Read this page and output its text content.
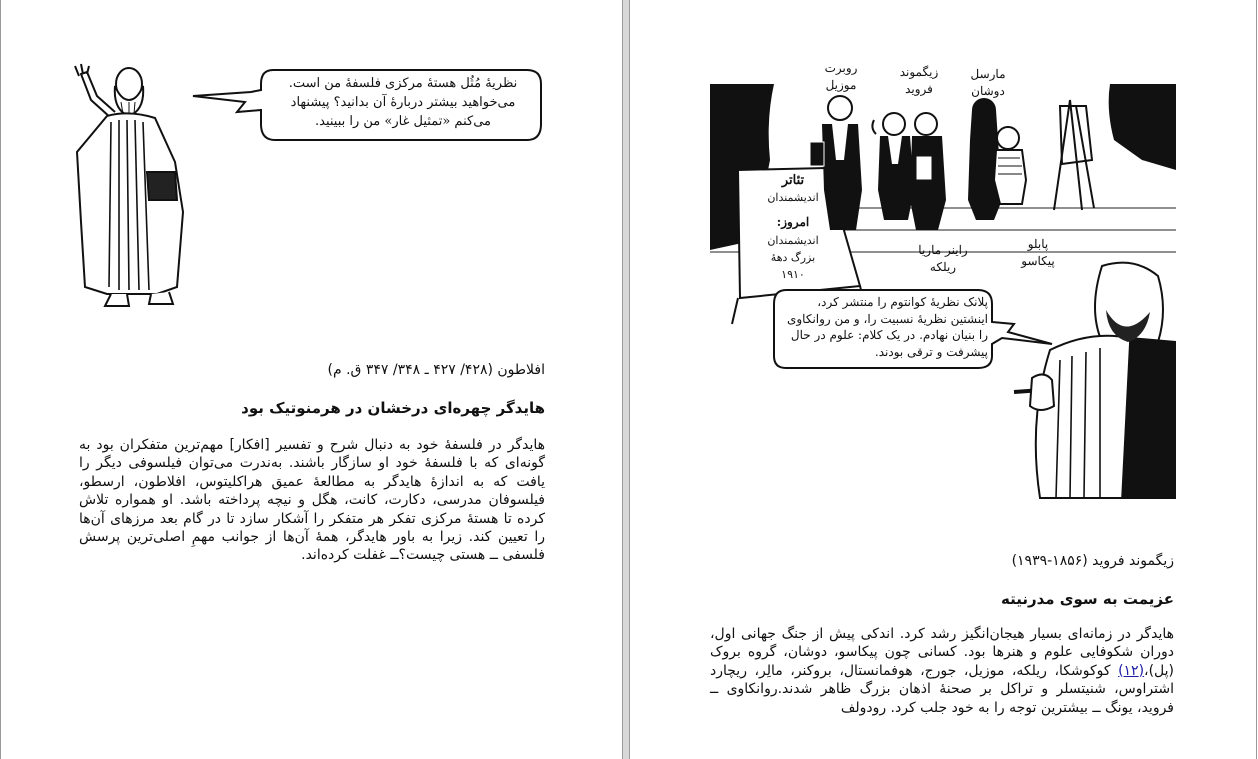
نظریهٔ مُثُل هستهٔ مرکزی فلسفهٔ من است.
می‌خواهید بیشتر دربارهٔ آن بدانید؟ پیشنهاد
می‌کنم «تمثیل غار» من را ببینید.
افلاطون (۴۲۸/ ۴۲۷ ـ ۳۴۸/ ۳۴۷ ق. م)
هایدگر چهره‌ای درخشان در هرمنوتیک بود
هایدگر در فلسفهٔ خود به دنبال شرح و تفسیر [افکار] مهم‌ترین متفکران بود به گونه‌ای که با فلسفهٔ خود او سازگار باشند. به‌ندرت می‌توان فیلسوفی دیگر را یافت که به اندازهٔ هایدگر به مطالعهٔ عمیق هراکلیتوس، افلاطون، ارسطو، فیلسوفان مدرسی، دکارت، کانت، هگل و نیچه پرداخته باشد. او همواره تلاش کرده تا هستهٔ مرکزی تفکر هر متفکر را آشکار سازد تا در گام بعد مرزهای آن‌ها را تعیین کند. زیرا به باور هایدگر، همهٔ آن‌ها از جوانب مهمِ اصلی‌ترین پرسش فلسفی ــ هستی چیست؟ــ غفلت کرده‌اند.
روبرت
موزیل
زیگموند
فروید
مارسل
دوشان
راینر ماریا
ریلکه
پابلو
پیکاسو
تئاتر
اندیشمندان
امروز:
اندیشمندان
بزرگ دههٔ
۱۹۱۰
پلانک نظریهٔ کوانتوم را منتشر کرد،
اینشتین نظریهٔ نسبیت را، و من روانکاوی
را بنیان نهادم. در یک کلام: علوم در حال
پیشرفت و ترقی بودند.
زیگموند فروید (۱۸۵۶-۱۹۳۹)
عزیمت به سوی مدرنیته
هایدگر در زمانه‌ای بسیار هیجان‌انگیز رشد کرد. اندکی پیش از جنگ جهانی اول، دوران شکوفایی علوم و هنرها بود. کسانی چون پیکاسو، دوشان، گروه بروک (پل)،(۱۲) کوکوشکا، ریلکه، موزیل، جورج، هوفمانستال، بروکنر، مالِر، ریچارد اشتراوس، شنیتسلر و تراکل بر صحنهٔ اذهان بزرگ ظاهر شدند.روانکاوی ــ فروید، یونگ ــ بیشترین توجه را به خود جلب کرد. رودولف
